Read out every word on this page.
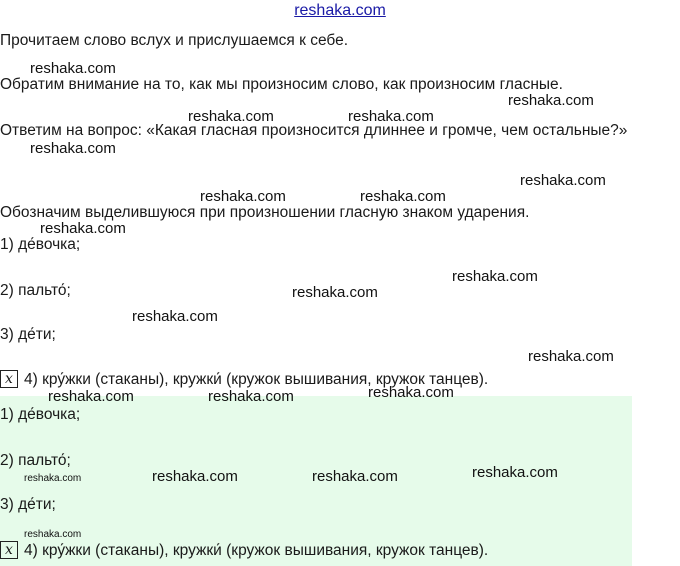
reshaka.com
Прочитаем слово вслух и прислушаемся к себе.
Обратим внимание на то, как мы произносим слово, как произносим гласные.
Ответим на вопрос: «Какая гласная произносится длиннее и громче, чем остальные?»
Обозначим выделившуюся при произношении гласную знаком ударения.
1) де́вочка;
2) пальто́;
3) де́ти;
x 4) кру́жки (стаканы), кружки́ (кружок вышивания, кружок танцев).
1) де́вочка;
2) пальто́;
3) де́ти;
x 4) кру́жки (стаканы), кружки́ (кружок вышивания, кружок танцев).
reshaka.com
reshaka.com
reshaka.com	reshaka.com
reshaka.com
reshaka.com
reshaka.com	reshaka.com
reshaka.com
reshaka.com
reshaka.com
reshaka.com
reshaka.com
reshaka.com
reshaka.com	reshaka.com
reshaka.com
reshaka.com	reshaka.com
reshaka.com
reshaka.com
